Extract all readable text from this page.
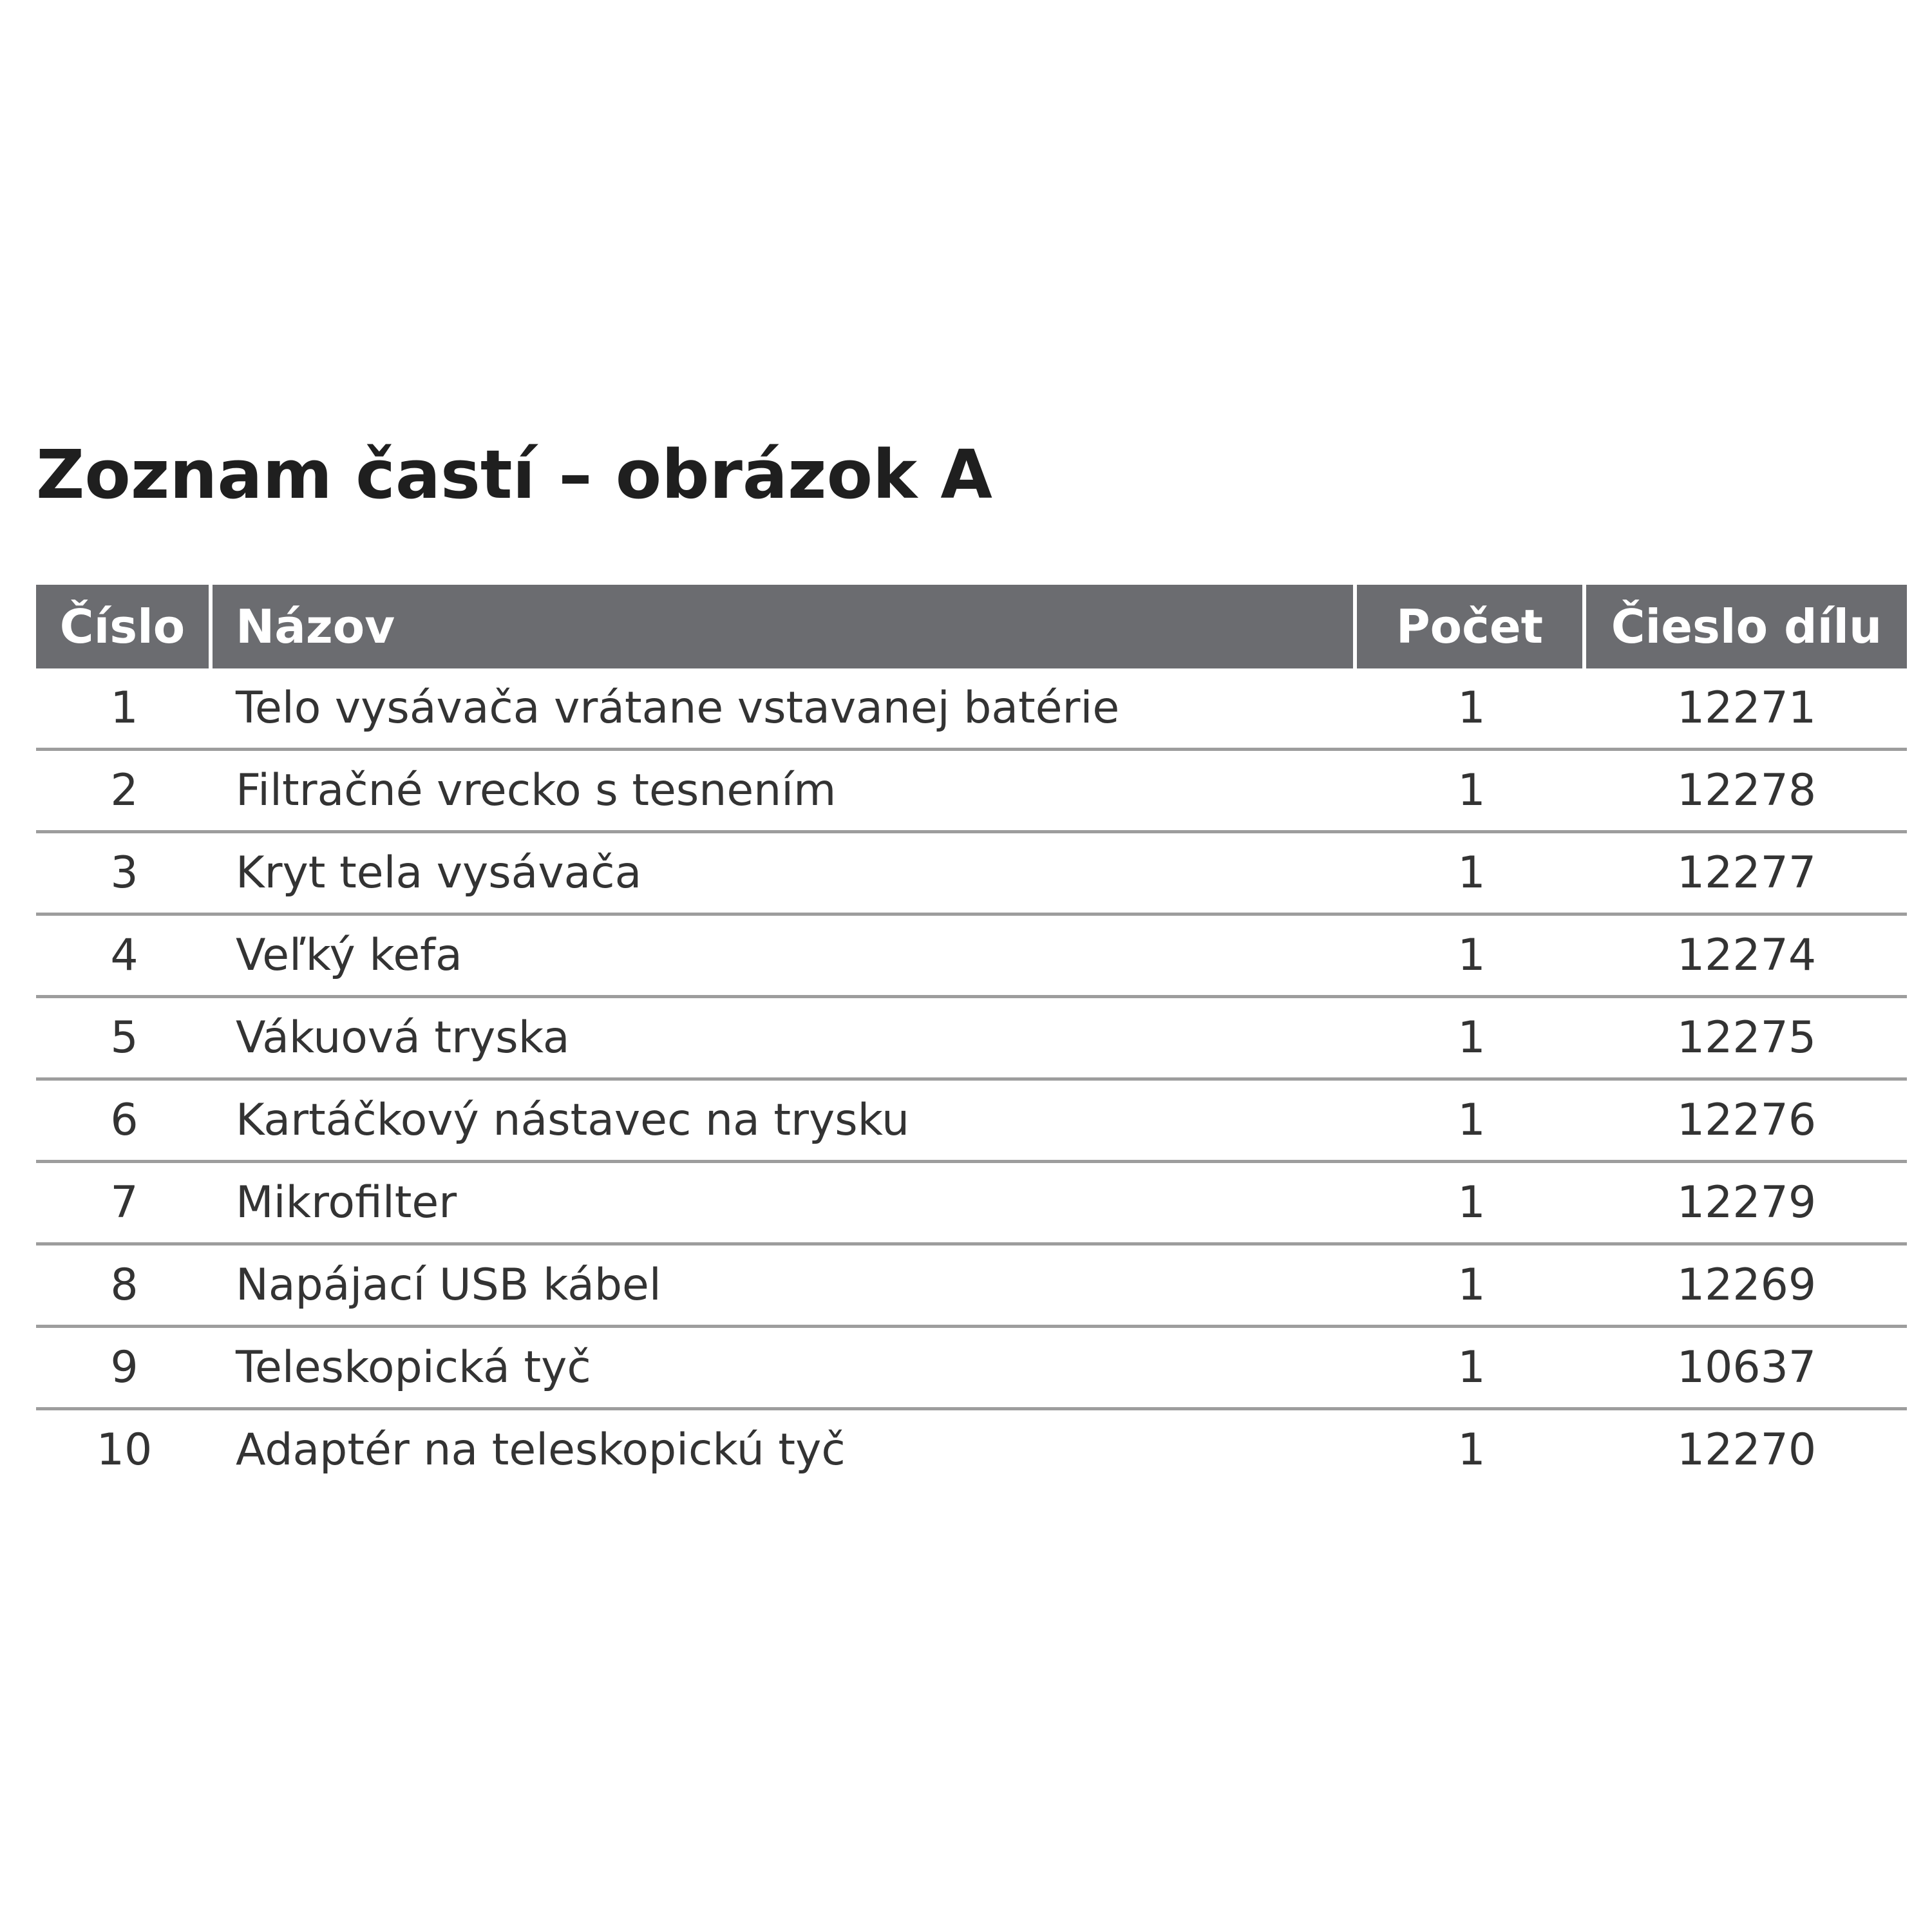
Zoznam častí – obrázok A
Číslo	Názov	Počet	Čieslo dílu
1	Telo vysávača vrátane vstavanej batérie	1	12271
2	Filtračné vrecko s tesnením	1	12278
3	Kryt tela vysávača	1	12277
4	Veľký kefa	1	12274
5	Vákuová tryska	1	12275
6	Kartáčkový nástavec na trysku	1	12276
7	Mikrofilter	1	12279
8	Napájací USB kábel	1	12269
9	Teleskopická tyč	1	10637
10	Adaptér na teleskopickú tyč	1	12270
